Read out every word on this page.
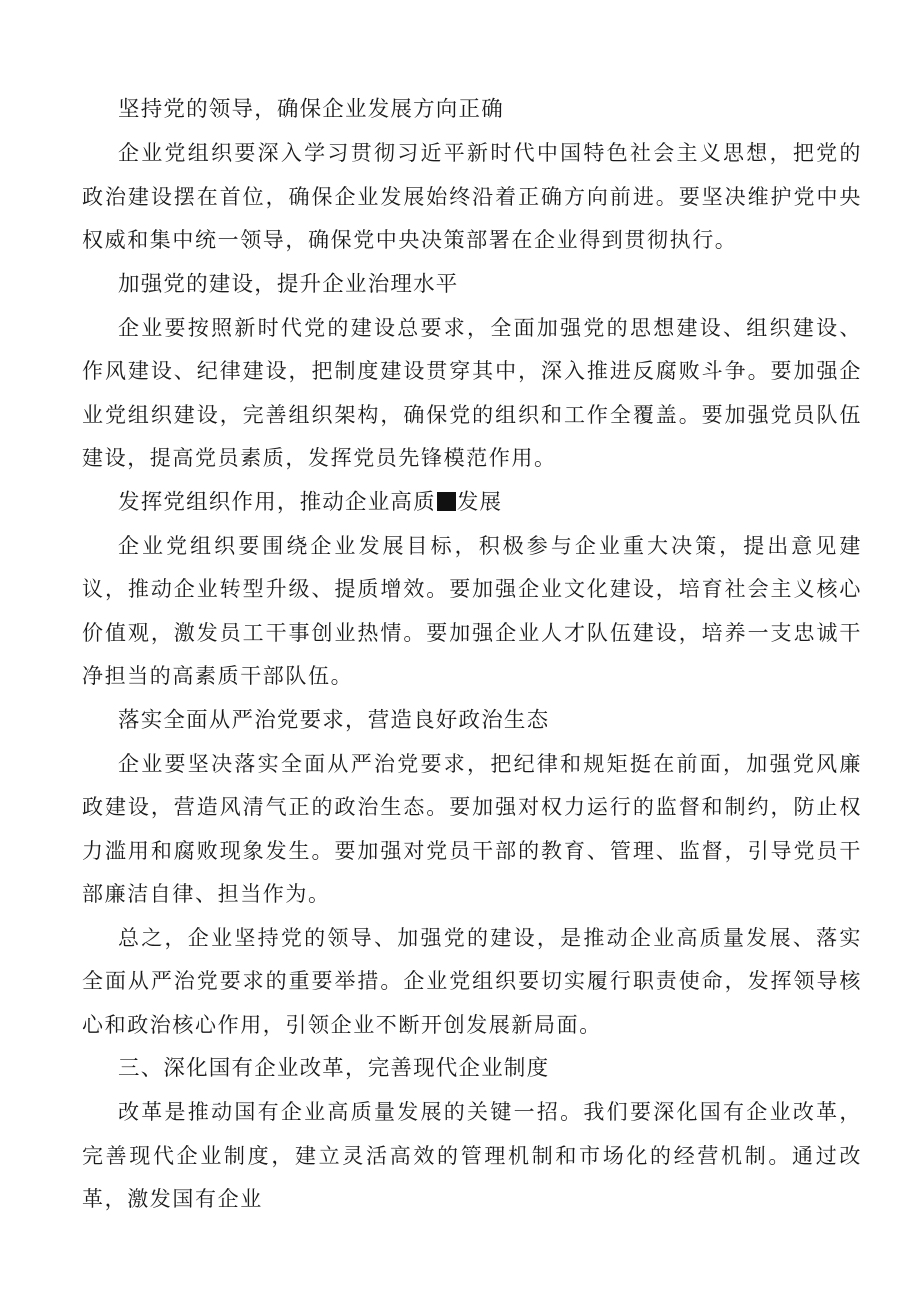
坚持党的领导，确保企业发展方向正确

企业党组织要深入学习贯彻习近平新时代中国特色社会主义思想，把党的政治建设摆在首位，确保企业发展始终沿着正确方向前进。要坚决维护党中央权威和集中统一领导，确保党中央决策部署在企业得到贯彻执行。

加强党的建设，提升企业治理水平

企业要按照新时代党的建设总要求，全面加强党的思想建设、组织建设、作风建设、纪律建设，把制度建设贯穿其中，深入推进反腐败斗争。要加强企业党组织建设，完善组织架构，确保党的组织和工作全覆盖。要加强党员队伍建设，提高党员素质，发挥党员先锋模范作用。

发挥党组织作用，推动企业高质 发展

企业党组织要围绕企业发展目标，积极参与企业重大决策，提出意见建议，推动企业转型升级、提质增效。要加强企业文化建设，培育社会主义核心价值观，激发员工干事创业热情。要加强企业人才队伍建设，培养一支忠诚干净担当的高素质干部队伍。

落实全面从严治党要求，营造良好政治生态

企业要坚决落实全面从严治党要求，把纪律和规矩挺在前面，加强党风廉政建设，营造风清气正的政治生态。要加强对权力运行的监督和制约，防止权力滥用和腐败现象发生。要加强对党员干部的教育、管理、监督，引导党员干部廉洁自律、担当作为。

总之，企业坚持党的领导、加强党的建设，是推动企业高质量发展、落实全面从严治党要求的重要举措。企业党组织要切实履行职责使命，发挥领导核心和政治核心作用，引领企业不断开创发展新局面。

三、深化国有企业改革，完善现代企业制度

改革是推动国有企业高质量发展的关键一招。我们要深化国有企业改革，完善现代企业制度，建立灵活高效的管理机制和市场化的经营机制。通过改革，激发国有企业
